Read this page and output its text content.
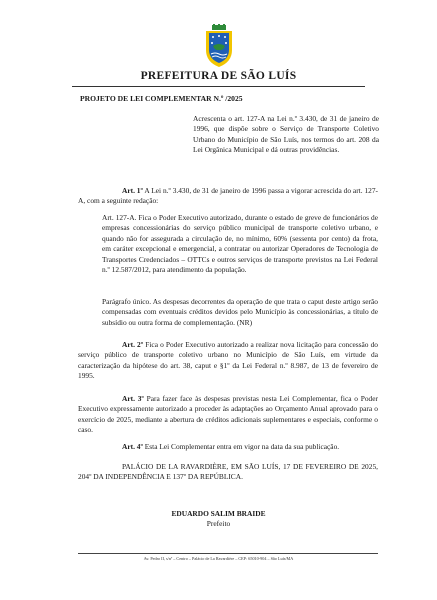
PREFEITURA DE SÃO LUÍS
PROJETO DE LEI COMPLEMENTAR N.º /2025
Acrescenta o art. 127-A na Lei n.º 3.430, de 31 de janeiro de 1996, que dispõe sobre o Serviço de Transporte Coletivo Urbano do Município de São Luís, nos termos do art. 208 da Lei Orgânica Municipal e dá outras providências.
Art. 1º A Lei n.º 3.430, de 31 de janeiro de 1996 passa a vigorar acrescida do art. 127-A, com a seguinte redação:
Art. 127-A. Fica o Poder Executivo autorizado, durante o estado de greve de funcionários de empresas concessionárias do serviço público municipal de transporte coletivo urbano, e quando não for assegurada a circulação de, no mínimo, 60% (sessenta por cento) da frota, em caráter excepcional e emergencial, a contratar ou autorizar Operadores de Tecnologia de Transportes Credenciados – OTTCs e outros serviços de transporte previstos na Lei Federal n.º 12.587/2012, para atendimento da população.
Parágrafo único. As despesas decorrentes da operação de que trata o caput deste artigo serão compensadas com eventuais créditos devidos pelo Município às concessionárias, a título de subsídio ou outra forma de complementação. (NR)
Art. 2º Fica o Poder Executivo autorizado a realizar nova licitação para concessão do serviço público de transporte coletivo urbano no Município de São Luís, em virtude da caracterização da hipótese do art. 38, caput e §1º da Lei Federal n.º 8.987, de 13 de fevereiro de 1995.
Art. 3º Para fazer face às despesas previstas nesta Lei Complementar, fica o Poder Executivo expressamente autorizado a proceder às adaptações ao Orçamento Anual aprovado para o exercício de 2025, mediante a abertura de créditos adicionais suplementares e especiais, conforme o caso.
Art. 4º Esta Lei Complementar entra em vigor na data da sua publicação.
PALÁCIO DE LA RAVARDIÈRE, EM SÃO LUÍS, 17 DE FEVEREIRO DE 2025, 204º DA INDEPENDÊNCIA E 137º DA REPÚBLICA.
EDUARDO SALIM BRAIDE
Prefeito
Av. Pedro II, s/nº – Centro – Palácio de La Ravardière – CEP: 65010-904 – São Luís/MA
